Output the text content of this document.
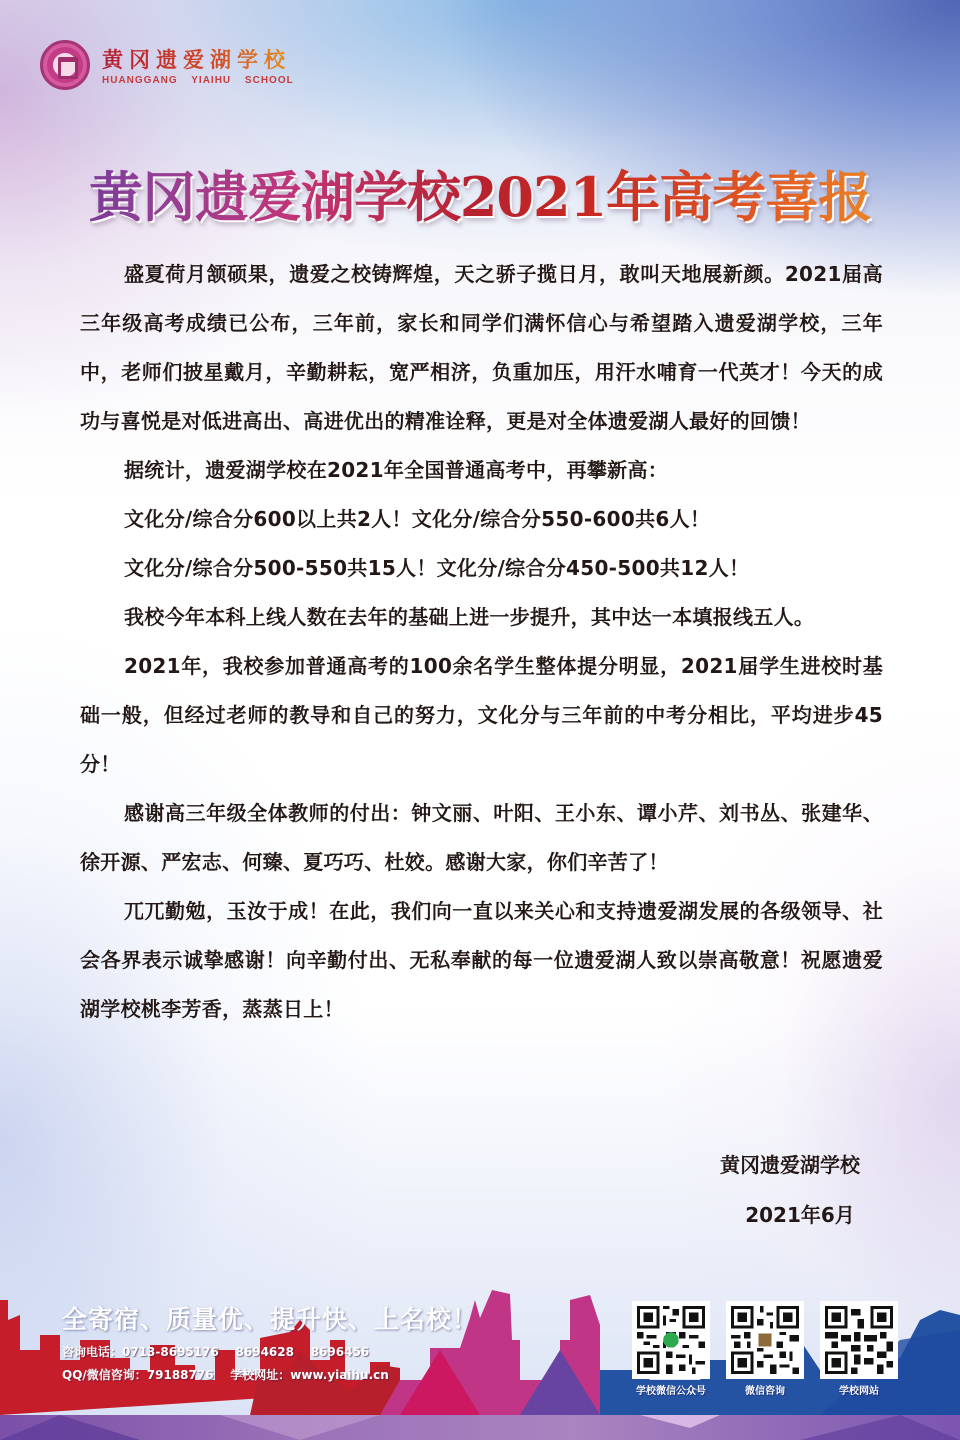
黄冈遗爱湖学校
HUANGGANG YIAIHU SCHOOL
黄冈遗爱湖学校2021年高考喜报

盛夏荷月颔硕果，遗爱之校铸辉煌，天之骄子揽日月，敢叫天地展新颜。2021届高三年级高考成绩已公布，三年前，家长和同学们满怀信心与希望踏入遗爱湖学校，三年中，老师们披星戴月，辛勤耕耘，宽严相济，负重加压，用汗水哺育一代英才！今天的成功与喜悦是对低进高出、高进优出的精准诠释，更是对全体遗爱湖人最好的回馈！

据统计，遗爱湖学校在2021年全国普通高考中，再攀新高：

文化分/综合分600以上共2人！文化分/综合分550-600共6人！

文化分/综合分500-550共15人！文化分/综合分450-500共12人！

我校今年本科上线人数在去年的基础上进一步提升，其中达一本填报线五人。

2021年，我校参加普通高考的100余名学生整体提分明显，2021届学生进校时基础一般，但经过老师的教导和自己的努力，文化分与三年前的中考分相比，平均进步45分！

感谢高三年级全体教师的付出：钟文丽、叶阳、王小东、谭小芹、刘书丛、张建华、徐开源、严宏志、何臻、夏巧巧、杜姣。感谢大家，你们辛苦了！

兀兀勤勉，玉汝于成！在此，我们向一直以来关心和支持遗爱湖发展的各级领导、社会各界表示诚挚感谢！向辛勤付出、无私奉献的每一位遗爱湖人致以崇高敬意！祝愿遗爱湖学校桃李芳香，蒸蒸日上！

黄冈遗爱湖学校
2021年6月
全寄宿、质量优、提升快、上名校！
咨询电话：0713-8695176    8694628    8696456
QQ/微信咨询：79188776    学校网址：www.yiaihu.cn
学校微信公众号	微信咨询	学校网站
